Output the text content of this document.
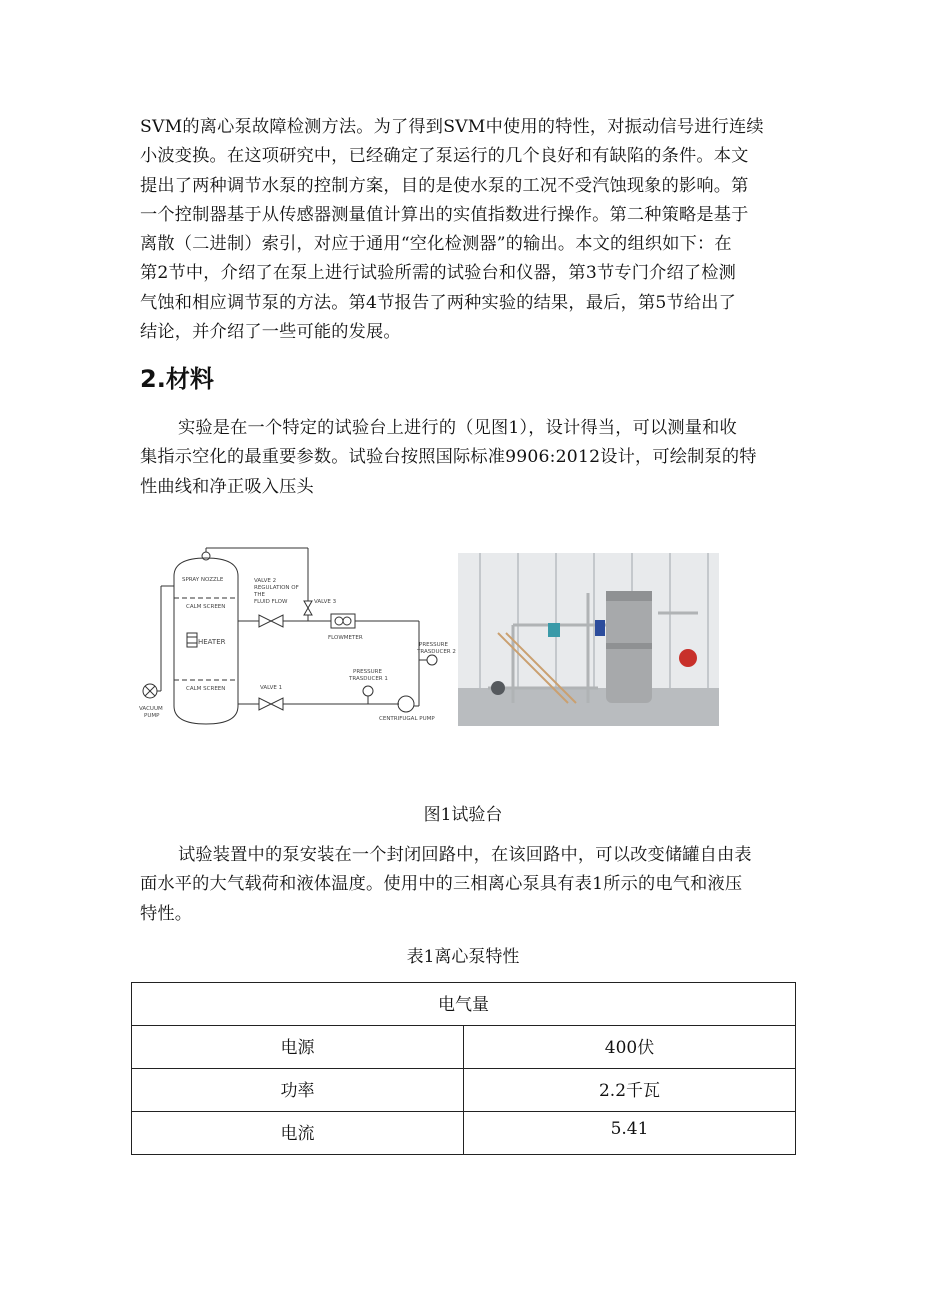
SVM的离心泵故障检测方法。为了得到SVM中使用的特性，对振动信号进行连续
小波变换。在这项研究中，已经确定了泵运行的几个良好和有缺陷的条件。本文
提出了两种调节水泵的控制方案，目的是使水泵的工况不受汽蚀现象的影响。第
一个控制器基于从传感器测量值计算出的实值指数进行操作。第二种策略是基于
离散（二进制）索引，对应于通用“空化检测器”的输出。本文的组织如下：在
第2节中，介绍了在泵上进行试验所需的试验台和仪器，第3节专门介绍了检测
气蚀和相应调节泵的方法。第4节报告了两种实验的结果，最后，第5节给出了
结论，并介绍了一些可能的发展。

2.材料

实验是在一个特定的试验台上进行的（见图1），设计得当，可以测量和收
集指示空化的最重要参数。试验台按照国际标准9906:2012设计，可绘制泵的特
性曲线和净正吸入压头

SPRAY NOZZLE
CALM SCREEN
HEATER
CALM SCREEN
VACUUM
PUMP
VALVE 2
REGULATION OF
THE
FLUID FLOW	VALVE 3
FLOWMETER
PRESSURE
TRASDUCER 2
PRESSURE
TRASDUCER 1
VALVE 1
CENTRIFUGAL PUMP

图1试验台

试验装置中的泵安装在一个封闭回路中，在该回路中，可以改变储罐自由表
面水平的大气载荷和液体温度。使用中的三相离心泵具有表1所示的电气和液压
特性。

表1离心泵特性

电气量	
电源	400伏
功率	2.2千瓦
电流	5.41
